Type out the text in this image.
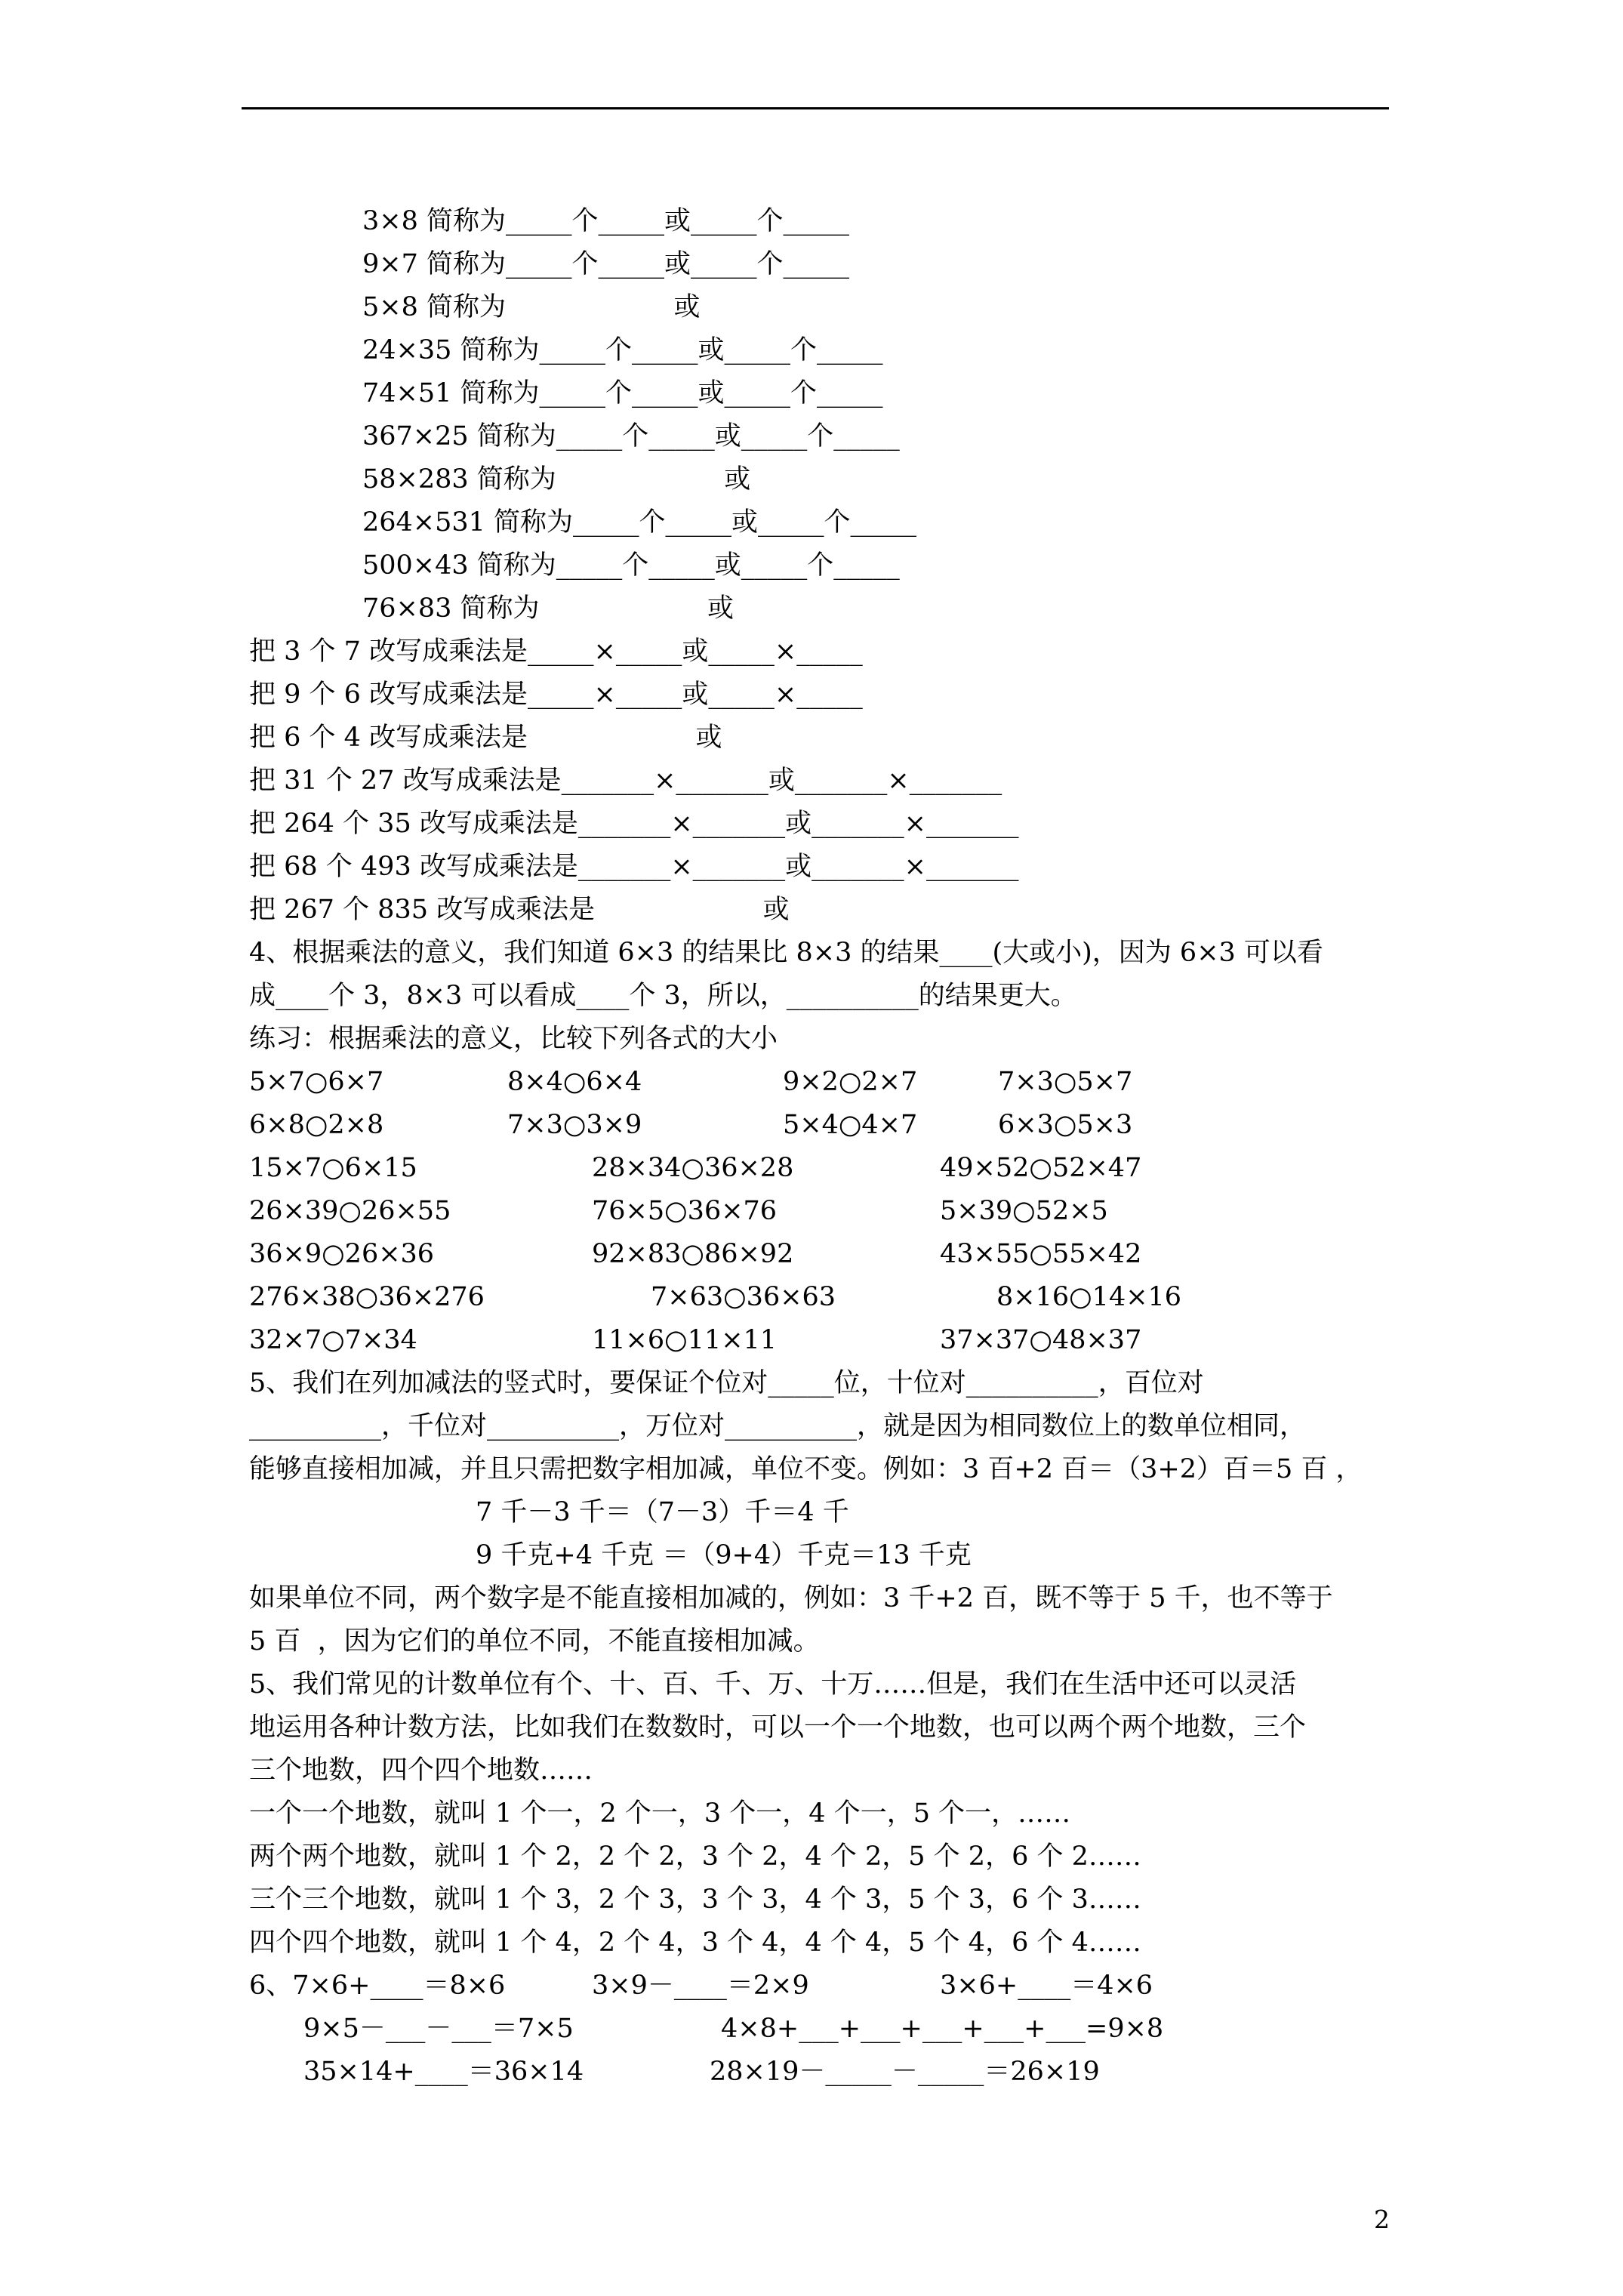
3×8 简称为_____个_____或_____个_____
9×7 简称为_____个_____或_____个_____
5×8 简称为                    或
24×35 简称为_____个_____或_____个_____
74×51 简称为_____个_____或_____个_____
367×25 简称为_____个_____或_____个_____
58×283 简称为                    或
264×531 简称为_____个_____或_____个_____
500×43 简称为_____个_____或_____个_____
76×83 简称为                    或
把 3 个 7 改写成乘法是_____×_____或_____×_____
把 9 个 6 改写成乘法是_____×_____或_____×_____
把 6 个 4 改写成乘法是                    或
把 31 个 27 改写成乘法是_______×_______或_______×_______
把 264 个 35 改写成乘法是_______×_______或_______×_______
把 68 个 493 改写成乘法是_______×_______或_______×_______
把 267 个 835 改写成乘法是                    或
4、根据乘法的意义，我们知道 6×3 的结果比 8×3 的结果____(大或小)，因为 6×3 可以看
成____个 3，8×3 可以看成____个 3，所以，__________的结果更大。
练习：根据乘法的意义，比较下列各式的大小
5×7○6×7	8×4○6×4	9×2○2×7	7×3○5×7
6×8○2×8	7×3○3×9	5×4○4×7	6×3○5×3
15×7○6×15	28×34○36×28	49×52○52×47
26×39○26×55	76×5○36×76	5×39○52×5
36×9○26×36	92×83○86×92	43×55○55×42
276×38○36×276	7×63○36×63	8×16○14×16
32×7○7×34	11×6○11×11	37×37○48×37
5、我们在列加减法的竖式时，要保证个位对_____位，十位对__________，百位对
__________，千位对__________，万位对__________，就是因为相同数位上的数单位相同，
能够直接相加减，并且只需把数字相加减，单位不变。例如：3 百+2 百＝（3+2）百＝5 百 ，
7 千－3 千＝（7－3）千＝4 千
9 千克+4 千克 ＝（9+4）千克＝13 千克
如果单位不同，两个数字是不能直接相加减的，例如：3 千+2 百，既不等于 5 千，也不等于
5 百  ，因为它们的单位不同，不能直接相加减。
5、我们常见的计数单位有个、十、百、千、万、十万……但是，我们在生活中还可以灵活
地运用各种计数方法，比如我们在数数时，可以一个一个地数，也可以两个两个地数，三个
三个地数，四个四个地数……
一个一个地数，就叫 1 个一，2 个一，3 个一，4 个一，5 个一，……
两个两个地数，就叫 1 个 2，2 个 2，3 个 2，4 个 2，5 个 2，6 个 2……
三个三个地数，就叫 1 个 3，2 个 3，3 个 3，4 个 3，5 个 3，6 个 3……
四个四个地数，就叫 1 个 4，2 个 4，3 个 4，4 个 4，5 个 4，6 个 4……
6、7×6+____＝8×6	3×9－____＝2×9	3×6+____＝4×6
9×5－___－___＝7×5	4×8+___+___+___+___+___=9×8
35×14+____＝36×14	28×19－_____－_____＝26×19
2
